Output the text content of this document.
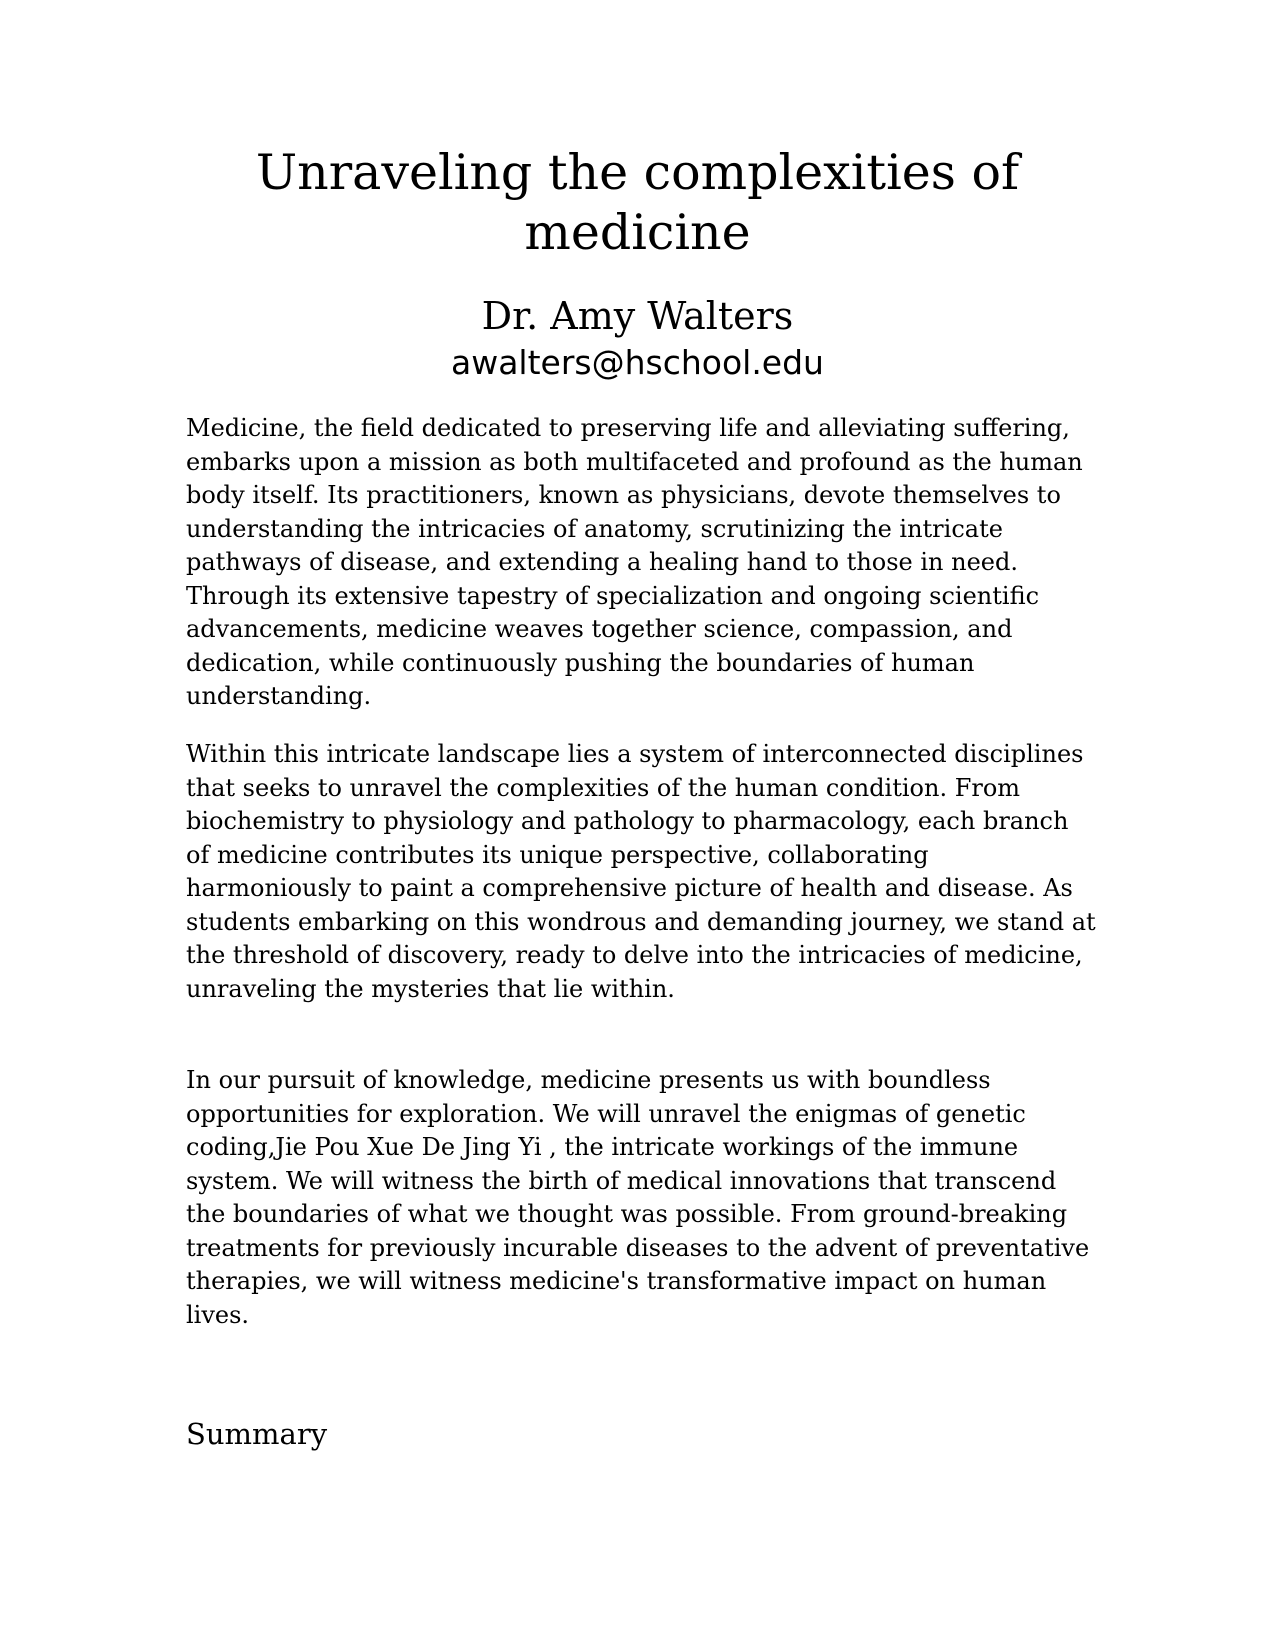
Unraveling the complexities of medicine
Dr. Amy Walters
awalters@hschool.edu

Medicine, the field dedicated to preserving life and alleviating suffering, embarks upon a mission as both multifaceted and profound as the human body itself. Its practitioners, known as physicians, devote themselves to understanding the intricacies of anatomy, scrutinizing the intricate pathways of disease, and extending a healing hand to those in need. Through its extensive tapestry of specialization and ongoing scientific advancements, medicine weaves together science, compassion, and dedication, while continuously pushing the boundaries of human understanding.

Within this intricate landscape lies a system of interconnected disciplines that seeks to unravel the complexities of the human condition. From biochemistry to physiology and pathology to pharmacology, each branch of medicine contributes its unique perspective, collaborating harmoniously to paint a comprehensive picture of health and disease. As students embarking on this wondrous and demanding journey, we stand at the threshold of discovery, ready to delve into the intricacies of medicine, unraveling the mysteries that lie within.

In our pursuit of knowledge, medicine presents us with boundless opportunities for exploration. We will unravel the enigmas of genetic coding,Jie Pou Xue De Jing Yi , the intricate workings of the immune system. We will witness the birth of medical innovations that transcend the boundaries of what we thought was possible. From ground-breaking treatments for previously incurable diseases to the advent of preventative therapies, we will witness medicine's transformative impact on human lives.

Summary
